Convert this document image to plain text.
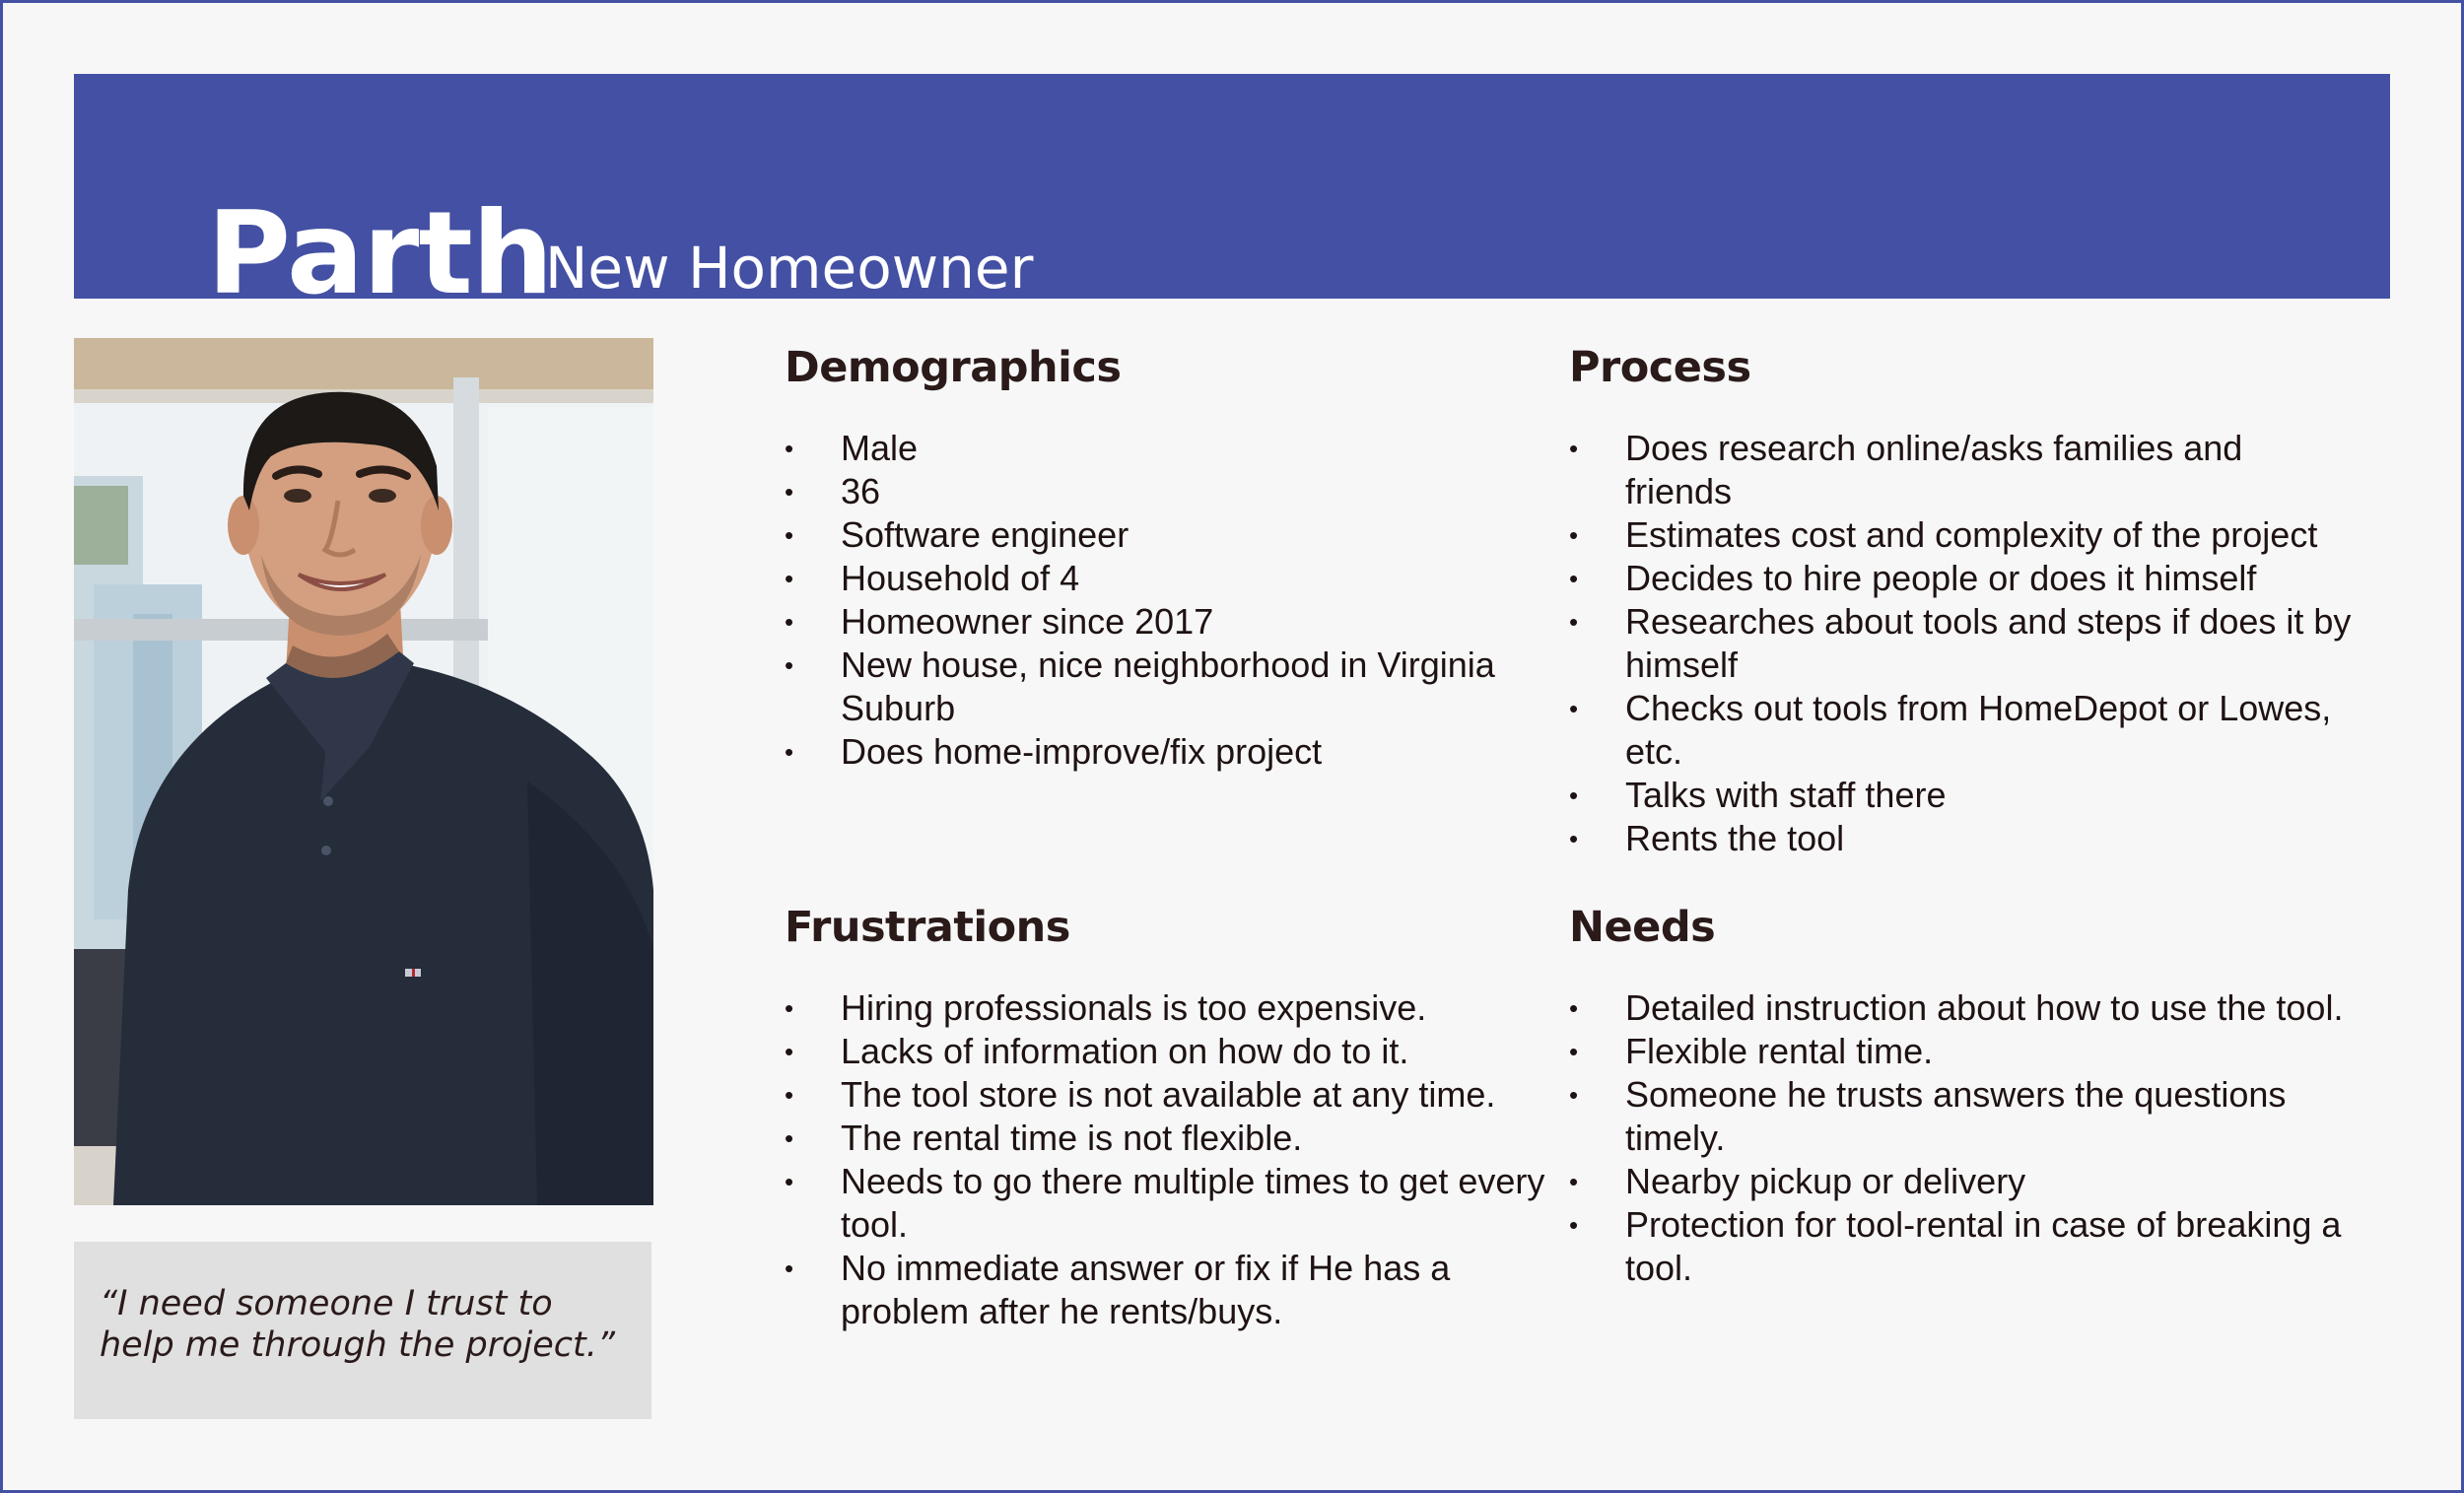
Parth
New Homeowner

“I need someone I trust to help me through the project.”

Demographics
• Male
• 36
• Software engineer
• Household of 4
• Homeowner since 2017
• New house, nice neighborhood in Virginia Suburb
• Does home-improve/fix project
Process
• Does research online/asks families and friends
• Estimates cost and complexity of the project
• Decides to hire people or does it himself
• Researches about tools and steps if does it by himself
• Checks out tools from HomeDepot or Lowes, etc.
• Talks with staff there
• Rents the tool
Frustrations
• Hiring professionals is too expensive.
• Lacks of information on how do to it.
• The tool store is not available at any time.
• The rental time is not flexible.
• Needs to go there multiple times to get every tool.
• No immediate answer or fix if He has a problem after he rents/buys.
Needs
• Detailed instruction about how to use the tool.
• Flexible rental time.
• Someone he trusts answers the questions timely.
• Nearby pickup or delivery
• Protection for tool-rental in case of breaking a tool.
